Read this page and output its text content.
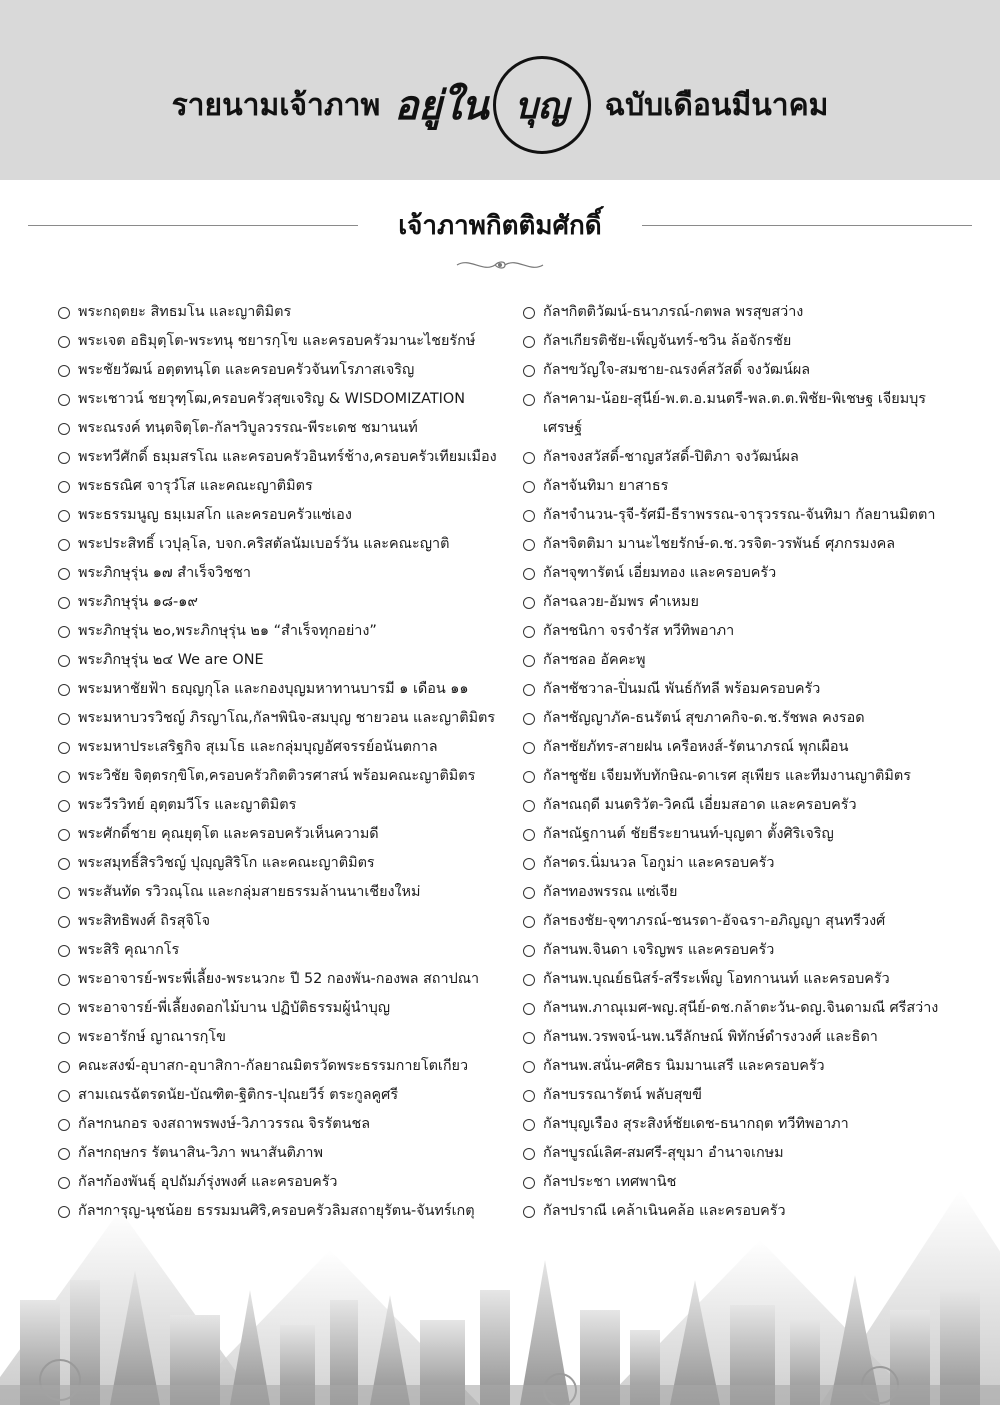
รายนามเจ้าภาพ อยู่ใน บุญ ฉบับเดือนมีนาคม
เจ้าภาพกิตติมศักดิ์
พระกฤตยะ สิทธมโน และญาติมิตร
พระเจต อธิมุตฺโต-พระทนุ ชยารกฺโข และครอบครัวมานะไชยรักษ์
พระชัยวัฒน์ อตฺตทนฺโต และครอบครัวจันทโรภาสเจริญ
พระเชาวน์ ชยวุฑฺโฒ,ครอบครัวสุขเจริญ & WISDOMIZATION
พระณรงค์ ทนฺตจิตฺโต-กัลฯวิบูลวรรณ-พีระเดช ชมานนท์
พระทวีศักดิ์ ธมฺมสรโณ และครอบครัวอินทร์ช้าง,ครอบครัวเทียมเมือง
พระธรณิศ จารุวํโส และคณะญาติมิตร
พระธรรมนูญ ธมฺเมสโก และครอบครัวแซ่เอง
พระประสิทธิ์ เวปุลฺโล, บจก.คริสตัลนัมเบอร์วัน และคณะญาติ
พระภิกษุรุ่น ๑๗ สำเร็จวิชชา
พระภิกษุรุ่น ๑๘-๑๙
พระภิกษุรุ่น ๒๐,พระภิกษุรุ่น ๒๑ “สำเร็จทุกอย่าง”
พระภิกษุรุ่น ๒๔ We are ONE
พระมหาชัยฟ้า ธญฺญกุโล และกองบุญมหาทานบารมี ๑ เดือน ๑๑
พระมหาบวรวิชญ์ ภิรญาโณ,กัลฯพินิจ-สมบุญ ชายวอน และญาติมิตร
พระมหาประเสริฐกิจ สุเมโธ และกลุ่มบุญอัศจรรย์อนันตกาล
พระวิชัย จิตฺตรกฺขิโต,ครอบครัวกิตติวรศาสน์ พร้อมคณะญาติมิตร
พระวีรวิทย์ อุตฺตมวีโร และญาติมิตร
พระศักดิ์ชาย คุณยุตฺโต และครอบครัวเห็นความดี
พระสมุทธิ์สิรวิชญ์ ปุญฺญสิริโก และคณะญาติมิตร
พระสันทัด รวิวณฺโณ และกลุ่มสายธรรมล้านนาเชียงใหม่
พระสิทธิพงศ์ ถิรสุจิโจ
พระสิริ คุณากโร
พระอาจารย์-พระพี่เลี้ยง-พระนวกะ ปี 52 กองพัน-กองพล สถาปณา
พระอาจารย์-พี่เลี้ยงดอกไม้บาน ปฏิบัติธรรมผู้นำบุญ
พระอารักษ์ ญาณารกฺโข
คณะสงฆ์-อุบาสก-อุบาสิกา-กัลยาณมิตรวัดพระธรรมกายโตเกียว
สามเณรฉัตรดนัย-บัณฑิต-ฐิติกร-ปุณยวีร์ ตระกูลคูศรี
กัลฯกนกอร จงสถาพรพงษ์-วิภาวรรณ จิรรัตนชล
กัลฯกฤษกร รัตนาสิน-วิภา พนาสันติภาพ
กัลฯก้องพันธุ์ อุปถัมภ์รุ่งพงศ์ และครอบครัว
กัลฯการุญ-นุชน้อย ธรรมมนศิริ,ครอบครัวลิมสถายุรัตน-จันทร์เกตุ
กัลฯกิตติวัฒน์-ธนาภรณ์-กตพล พรสุขสว่าง
กัลฯเกียรติชัย-เพ็ญจันทร์-ชวิน ล้อจักรชัย
กัลฯขวัญใจ-สมชาย-ณรงค์สวัสดิ์ จงวัฒน์ผล
กัลฯคาม-น้อย-สุนีย์-พ.ต.อ.มนตรี-พล.ต.ต.พิชัย-พิเชษฐ เจียมบุรเศรษฐ์
กัลฯจงสวัสดิ์-ชาญสวัสดิ์-ปิติภา จงวัฒน์ผล
กัลฯจันทิมา ยาสาธร
กัลฯจำนวน-รุจี-รัศมี-ธีราพรรณ-จารุวรรณ-จันทิมา กัลยานมิตตา
กัลฯจิตติมา มานะไชยรักษ์-ด.ช.วรจิต-วรพันธ์ ศุภกรมงคล
กัลฯจุฑารัตน์ เอี่ยมทอง และครอบครัว
กัลฯฉลวย-อัมพร คำเหมย
กัลฯชนิกา จรจำรัส ทวีทิพอาภา
กัลฯชลอ อัคคะพู
กัลฯชัชวาล-ปิ่นมณี พันธ์กัทลี พร้อมครอบครัว
กัลฯชัญญาภัค-ธนรัตน์ สุขภาคกิจ-ด.ช.รัชพล คงรอด
กัลฯชัยภัทร-สายฝน เครือหงส์-รัตนาภรณ์ พุกเผือน
กัลฯชูชัย เจียมทับทักษิณ-ดาเรศ สุเพียร และทีมงานญาติมิตร
กัลฯณฤดี มนตริวัต-วิคณี เอี่ยมสอาด และครอบครัว
กัลฯณัฐกานต์ ชัยธีระยานนท์-บุญตา ตั้งศิริเจริญ
กัลฯดร.นิ่มนวล โอกูม่า และครอบครัว
กัลฯทองพรรณ แซ่เจีย
กัลฯธงชัย-จุฑาภรณ์-ชนรดา-อัจฉรา-อภิญญา สุนทรีวงศ์
กัลฯนพ.จินดา เจริญพร และครอบครัว
กัลฯนพ.บุณย์ธนิสร์-สรีระเพ็ญ โอทกานนท์ และครอบครัว
กัลฯนพ.ภาณุเมศ-พญ.สุนีย์-ดช.กล้าตะวัน-ดญ.จินดามณี ศรีสว่าง
กัลฯนพ.วรพจน์-นพ.นรีลักษณ์ พิทักษ์ดำรงวงศ์ และธิดา
กัลฯนพ.สนั่น-ศศิธร นิมมานเสรี และครอบครัว
กัลฯบรรณารัตน์ พลับสุขขี
กัลฯบุญเรือง สุระสิงห์ชัยเดช-ธนากฤต ทวีทิพอาภา
กัลฯบูรณ์เลิศ-สมศรี-สุขุมา อำนาจเกษม
กัลฯประชา เทศพานิช
กัลฯปราณี เคล้าเนินคล้อ และครอบครัว
